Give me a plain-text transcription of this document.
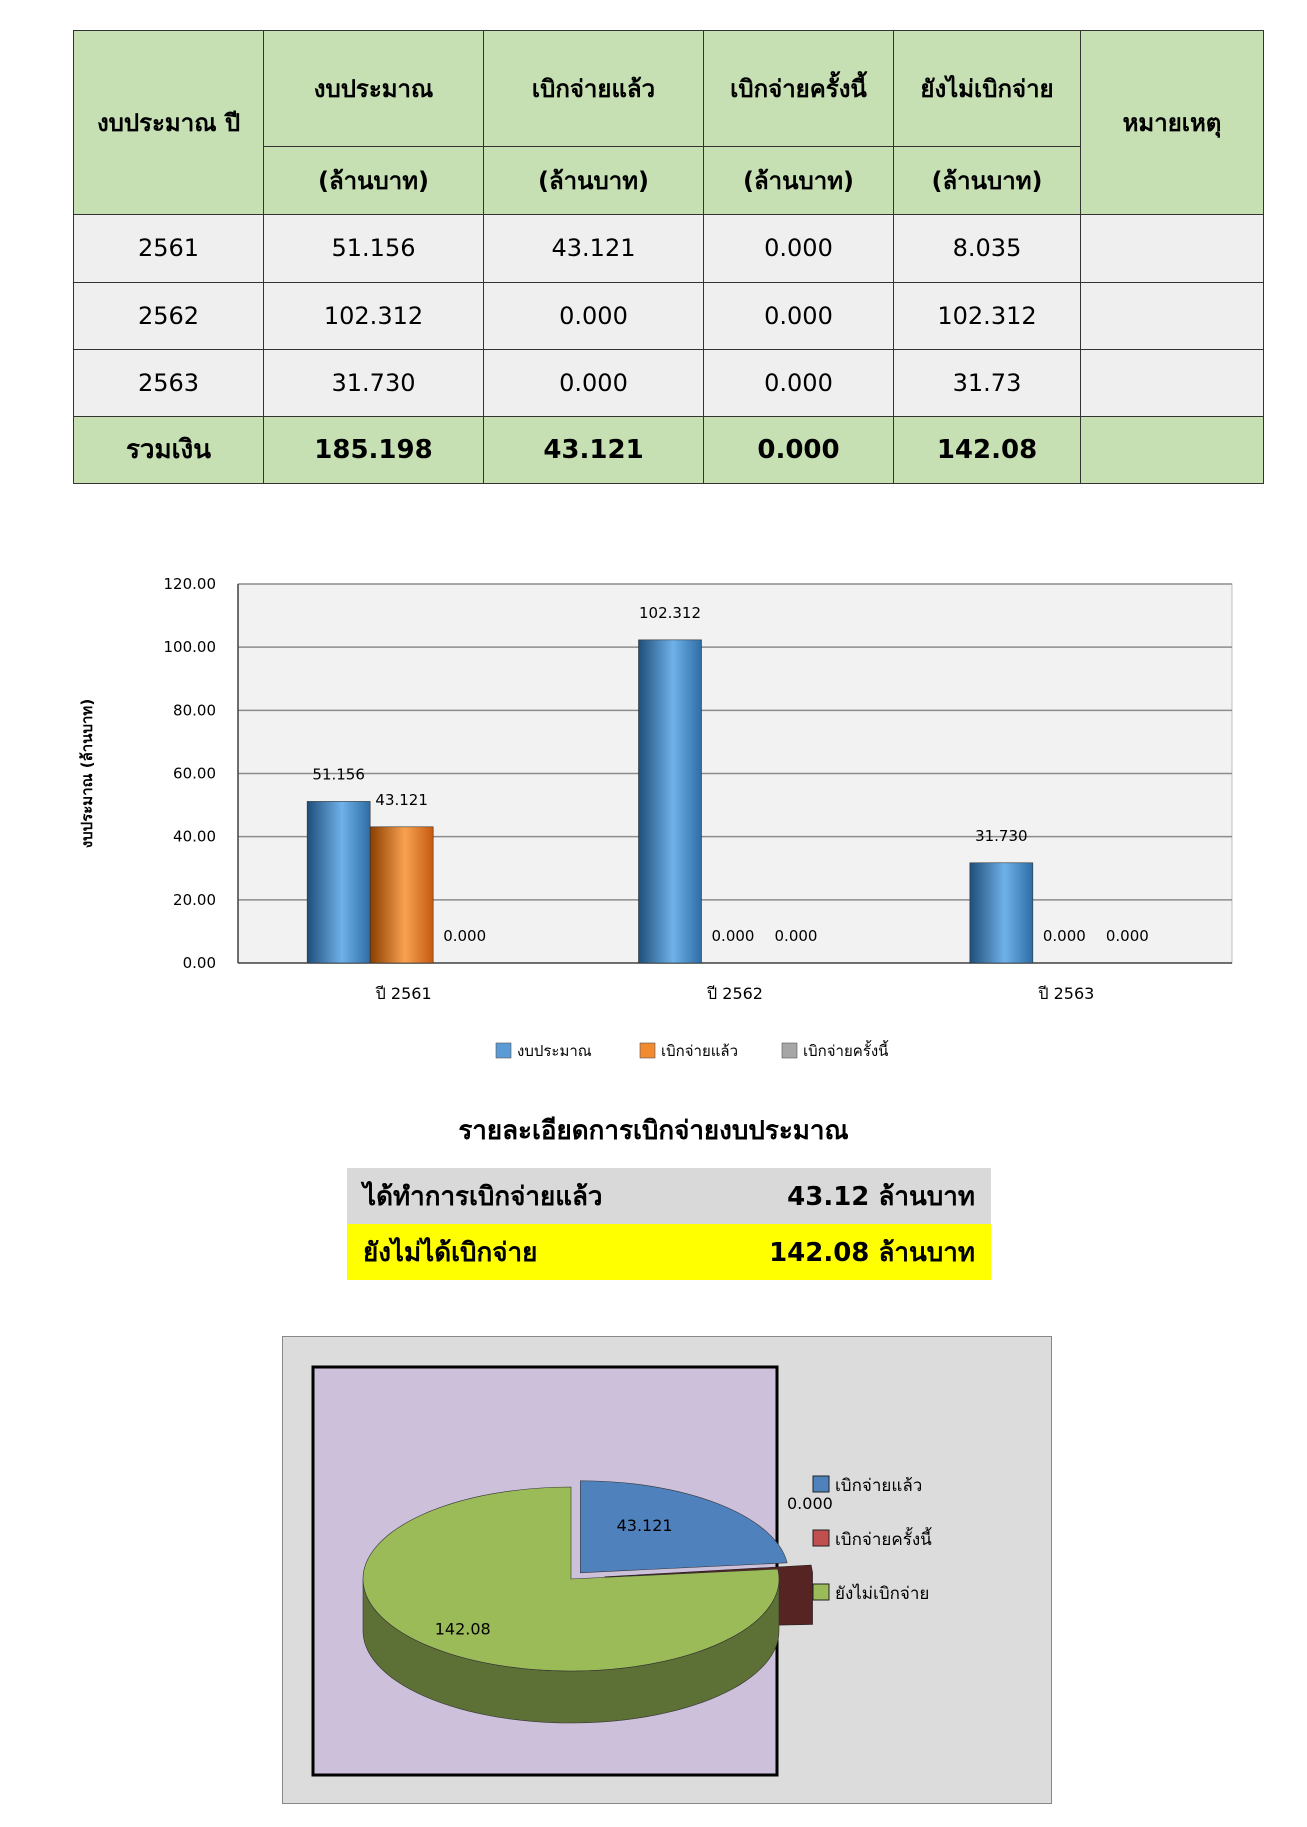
งบประมาณ ปี	งบประมาณ	เบิกจ่ายแล้ว	เบิกจ่ายครั้งนี้	ยังไม่เบิกจ่าย	หมายเหตุ
	(ล้านบาท)	(ล้านบาท)	(ล้านบาท)	(ล้านบาท)	
2561	51.156	43.121	0.000	8.035	
2562	102.312	0.000	0.000	102.312	
2563	31.730	0.000	0.000	31.73	
รวมเงิน	185.198	43.121	0.000	142.08	
0.00
20.00
40.00
60.00
80.00
100.00
120.00
งบประมาณ (ล้านบาท)	51.156
43.121
0.000
ปี 2561
102.312
0.000 0.000
ปี 2562
31.730
0.000 0.000
ปี 2563
งบประมาณ	เบิกจ่ายแล้ว	เบิกจ่ายครั้งนี้
รายละเอียดการเบิกจ่ายงบประมาณ
ได้ทำการเบิกจ่ายแล้ว	43.12 ล้านบาท
ยังไม่ได้เบิกจ่าย	142.08 ล้านบาท
43.121
0.000
142.08
เบิกจ่ายแล้ว
เบิกจ่ายครั้งนี้
ยังไม่เบิกจ่าย
